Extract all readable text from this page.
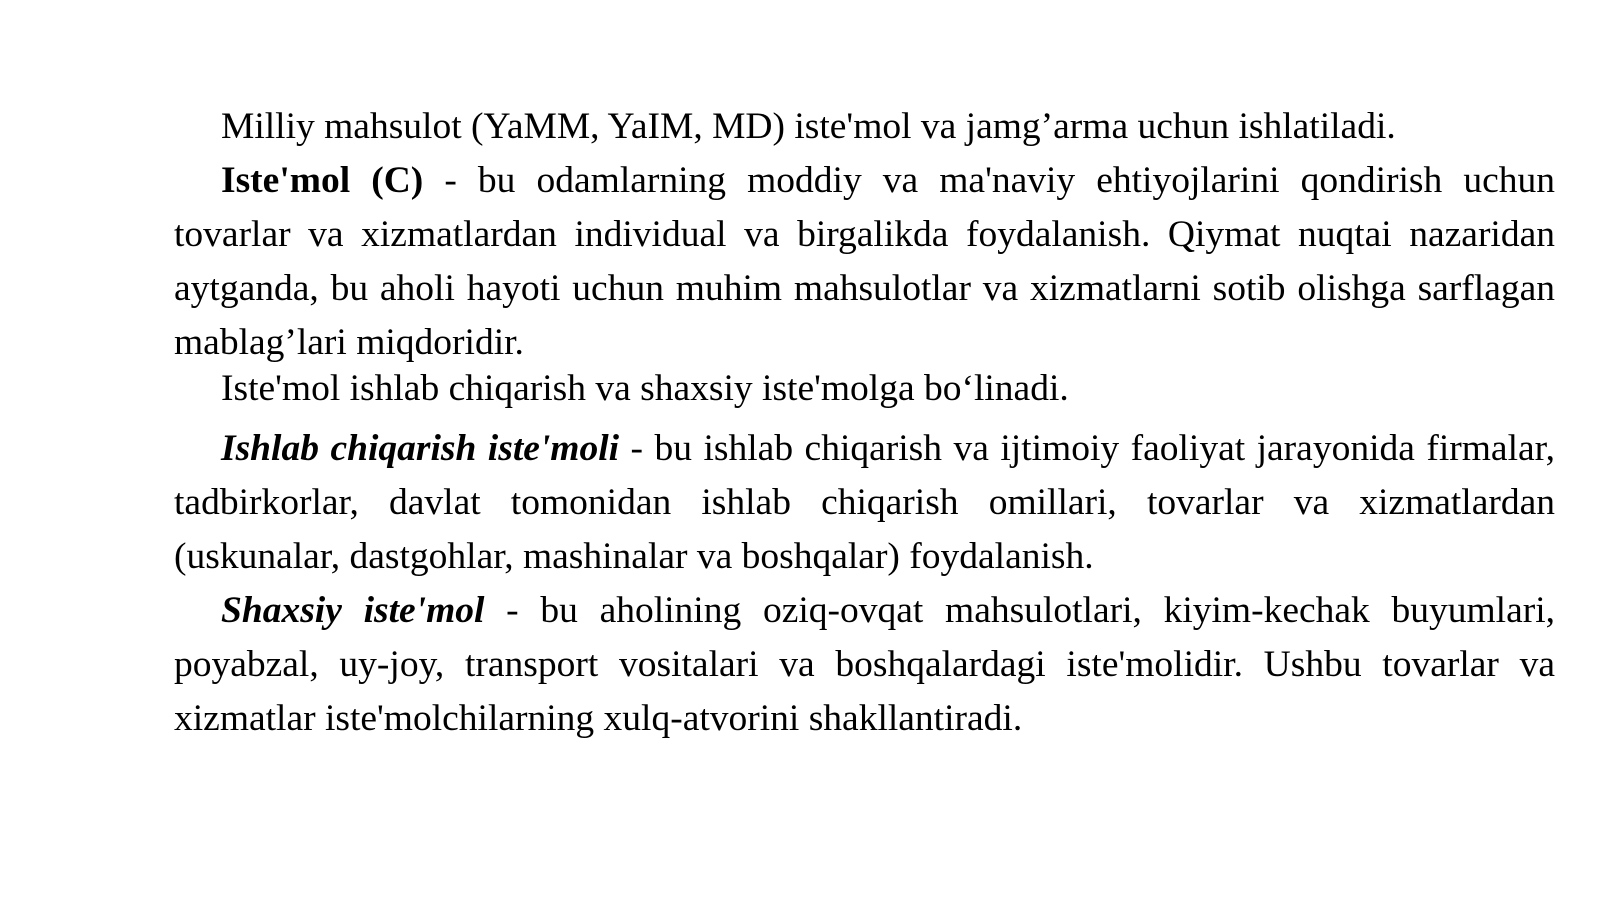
Milliy mahsulot (YaMM, YaIM, MD) iste'mol va jamg’arma uchun ishlatiladi.

Iste'mol (C) - bu odamlarning moddiy va ma'naviy ehtiyojlarini qondirish uchun tovarlar va xizmatlardan individual va birgalikda foydalanish. Qiymat nuqtai nazaridan aytganda, bu aholi hayoti uchun muhim mahsulotlar va xizmatlarni sotib olishga sarflagan mablag’lari miqdoridir.

Iste'mol ishlab chiqarish va shaxsiy iste'molga bo‘linadi.

Ishlab chiqarish iste'moli - bu ishlab chiqarish va ijtimoiy faoliyat jarayonida firmalar, tadbirkorlar, davlat tomonidan ishlab chiqarish omillari, tovarlar va xizmatlardan (uskunalar, dastgohlar, mashinalar va boshqalar) foydalanish.

Shaxsiy iste'mol - bu aholining oziq-ovqat mahsulotlari, kiyim-kechak buyumlari, poyabzal, uy-joy, transport vositalari va boshqalardagi iste'molidir. Ushbu tovarlar va xizmatlar iste'molchilarning xulq-atvorini shakllantiradi.
